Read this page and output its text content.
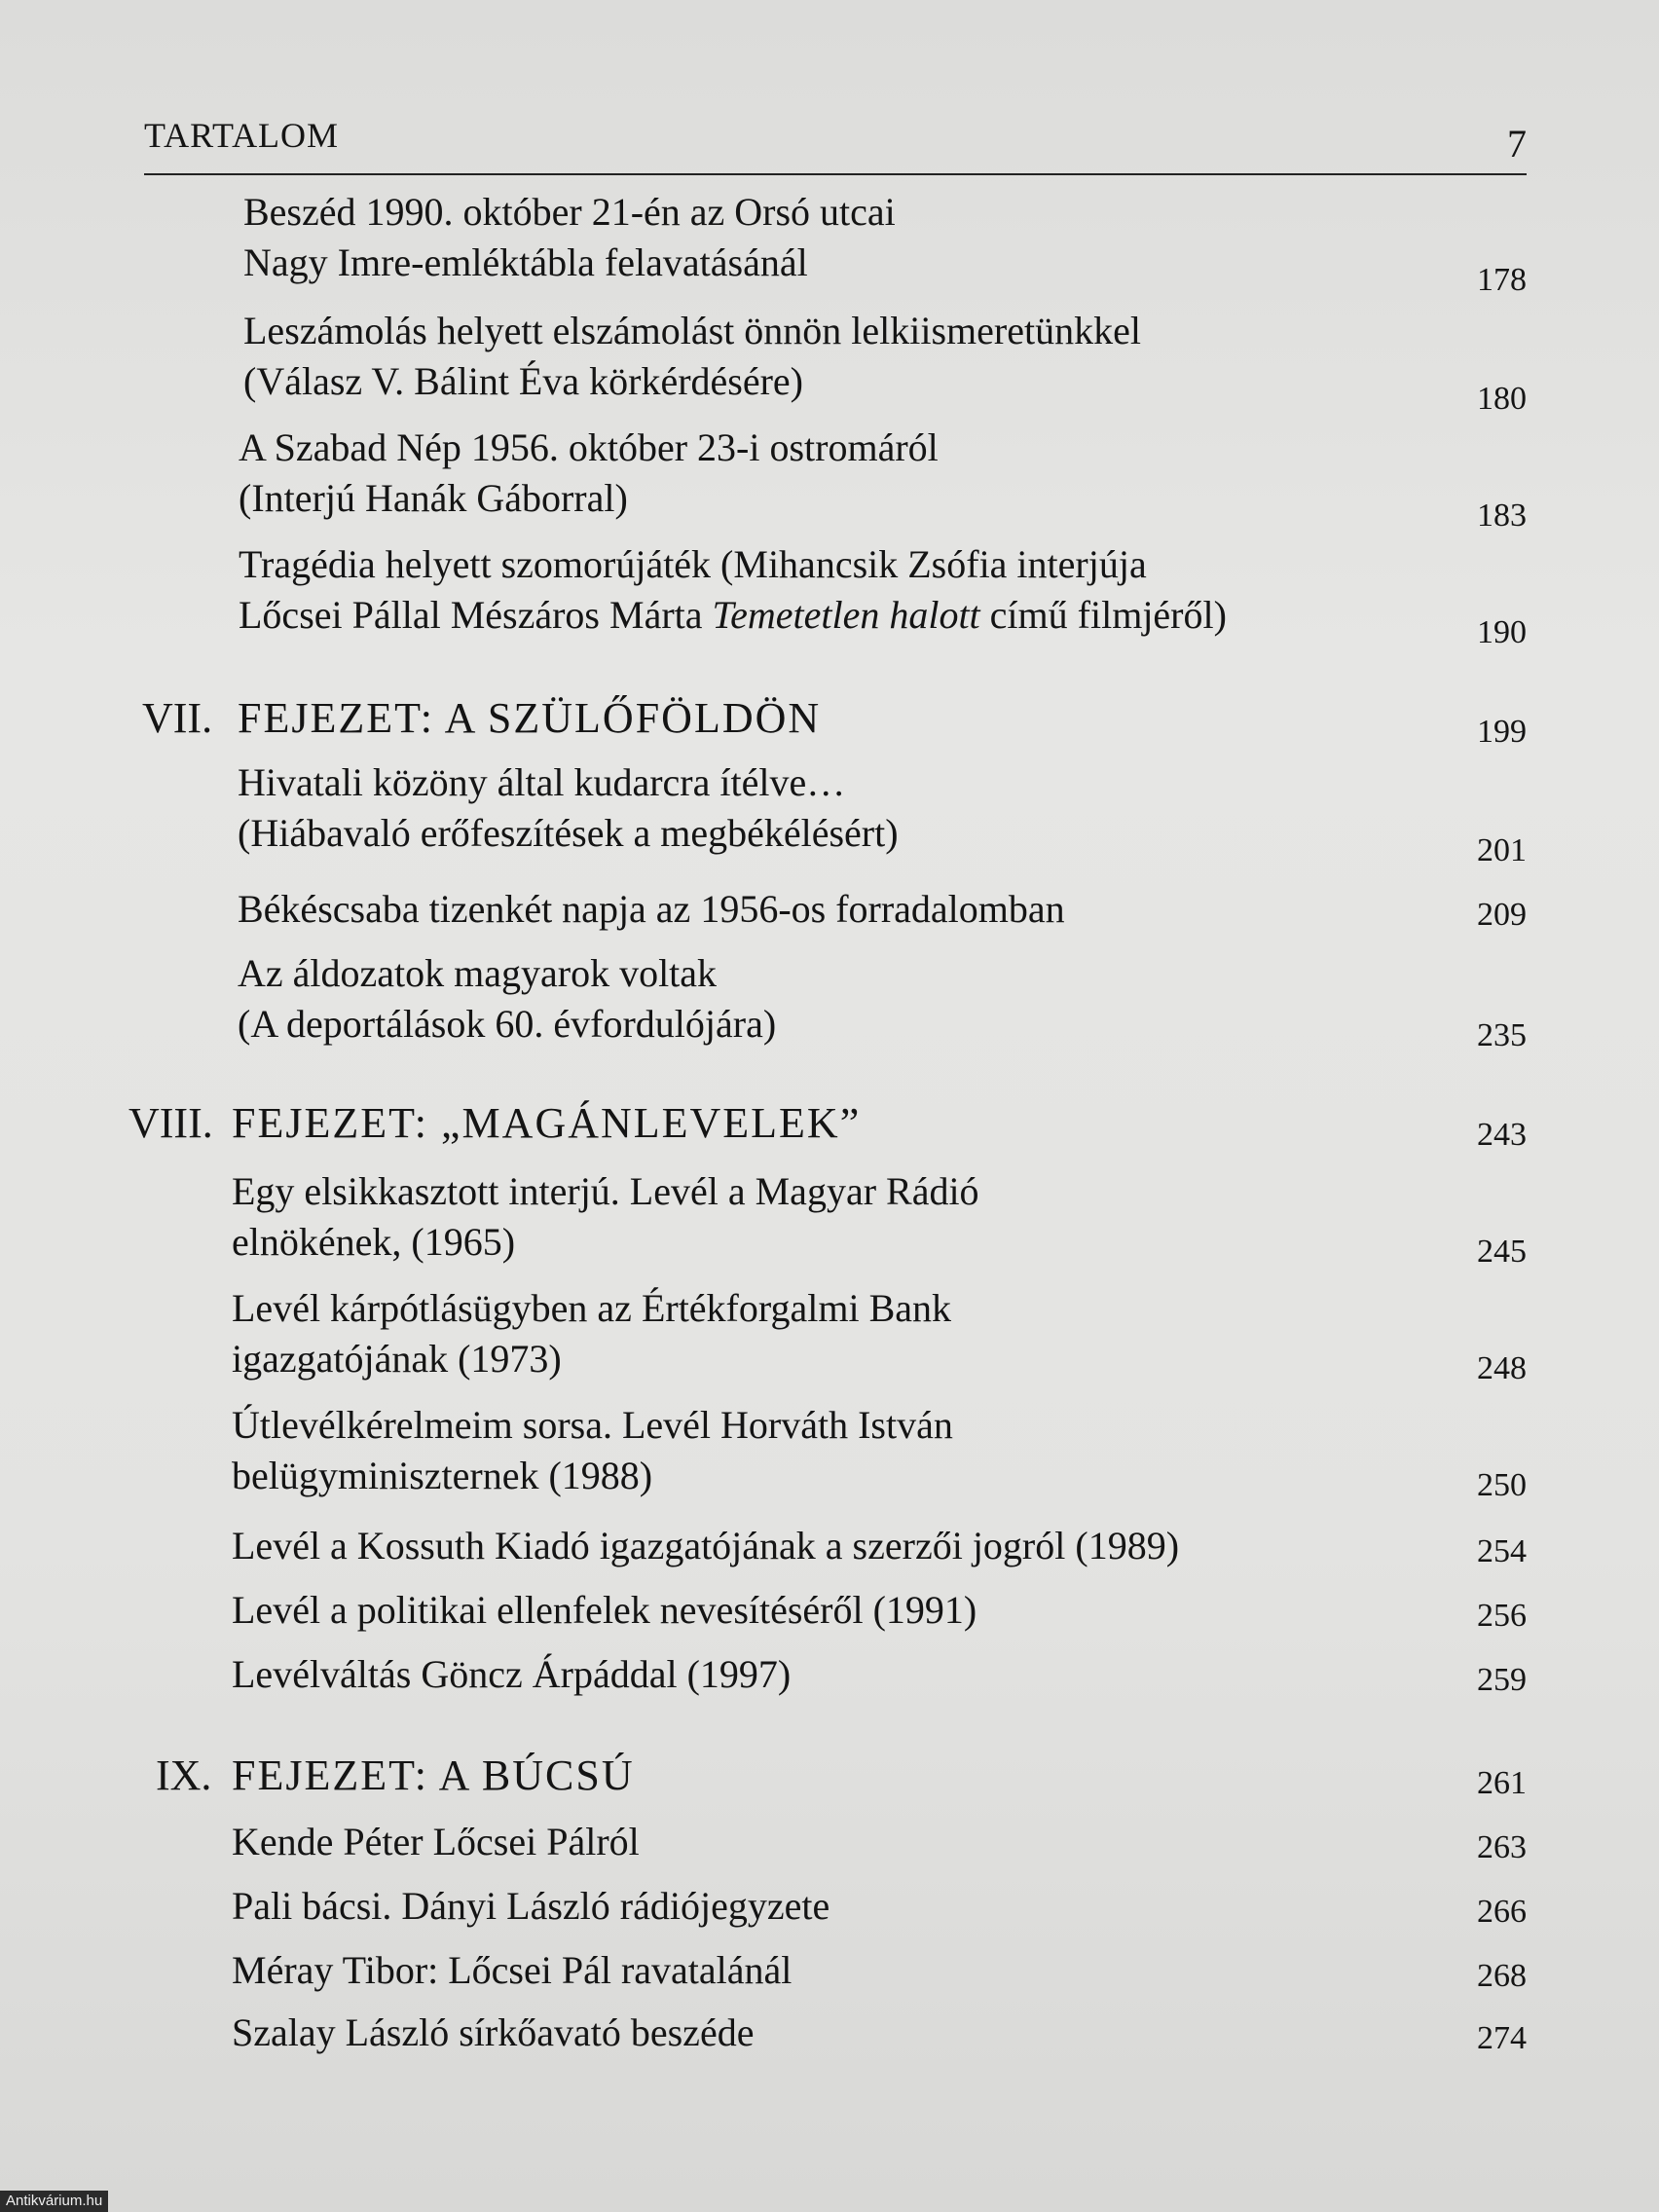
TARTALOM	7
Beszéd 1990. október 21-én az Orsó utcai
Nagy Imre-emléktábla felavatásánál	178
Leszámolás helyett elszámolást önnön lelkiismeretünkkel
(Válasz V. Bálint Éva körkérdésére)	180
A Szabad Nép 1956. október 23-i ostromáról
(Interjú Hanák Gáborral)	183
Tragédia helyett szomorújáték (Mihancsik Zsófia interjúja
Lőcsei Pállal Mészáros Márta Temetetlen halott című filmjéről)	190
VII. FEJEZET: A SZÜLŐFÖLDÖN	199
Hivatali közöny által kudarcra ítélve…
(Hiábavaló erőfeszítések a megbékélésért)	201
Békéscsaba tizenkét napja az 1956-os forradalomban	209
Az áldozatok magyarok voltak
(A deportálások 60. évfordulójára)	235
VIII. FEJEZET: „MAGÁNLEVELEK”	243
Egy elsikkasztott interjú. Levél a Magyar Rádió
elnökének, (1965)	245
Levél kárpótlásügyben az Értékforgalmi Bank
igazgatójának (1973)	248
Útlevélkérelmeim sorsa. Levél Horváth István
belügyminiszternek (1988)	250
Levél a Kossuth Kiadó igazgatójának a szerzői jogról (1989)	254
Levél a politikai ellenfelek nevesítéséről (1991)	256
Levélváltás Göncz Árpáddal (1997)	259
IX. FEJEZET: A BÚCSÚ	261
Kende Péter Lőcsei Pálról	263
Pali bácsi. Dányi László rádiójegyzete	266
Méray Tibor: Lőcsei Pál ravatalánál	268
Szalay László sírkőavató beszéde	274
Antikvárium.hu
